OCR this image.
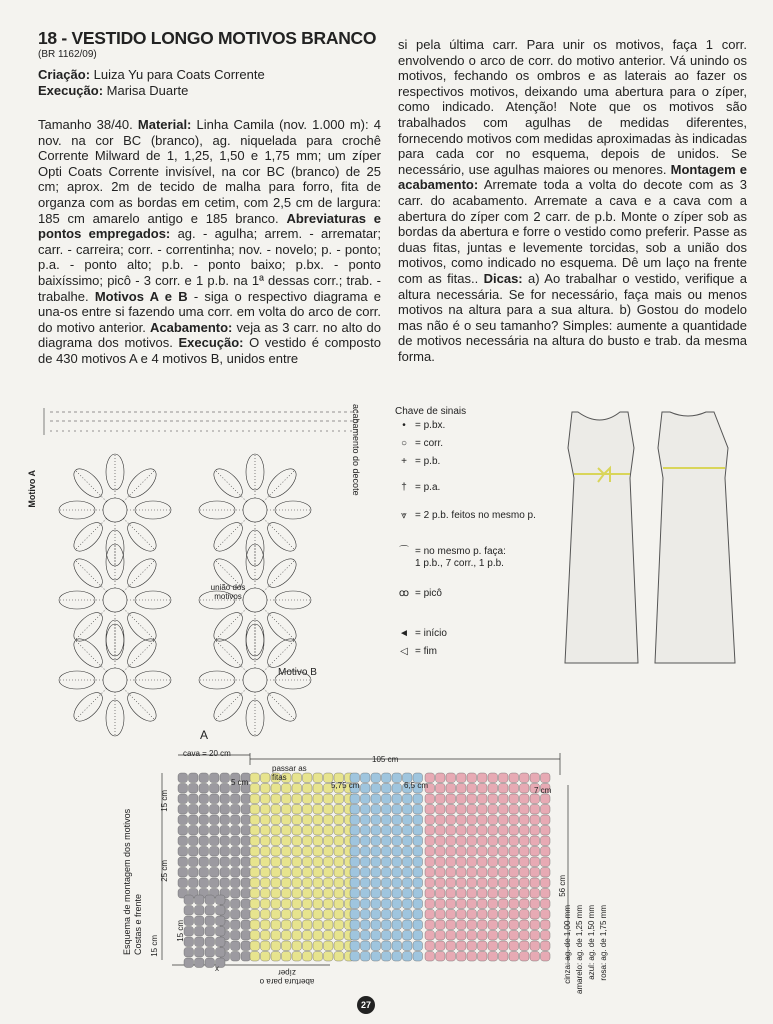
18 - VESTIDO LONGO MOTIVOS BRANCO
(BR 1162/09)
Criação: Luiza Yu para Coats Corrente
Execução: Marisa Duarte
Tamanho 38/40. Material: Linha Camila (nov. 1.000 m): 4 nov. na cor BC (branco), ag. niquelada para crochê Corrente Milward de 1, 1,25, 1,50 e 1,75 mm; um zíper Opti Coats Corrente invisível, na cor BC (branco) de 25 cm; aprox. 2m de tecido de malha para forro, fita de organza com as bordas em cetim, com 2,5 cm de largura: 185 cm amarelo antigo e 185 branco. Abreviaturas e pontos empregados: ag. - agulha; arrem. - arrematar; carr. - carreira; corr. - correntinha; nov. - novelo; p. - ponto; p.a. - ponto alto; p.b. - ponto baixo; p.bx. - ponto baixíssimo; picô - 3 corr. e 1 p.b. na 1ª dessas corr.; trab. - trabalhe. Motivos A e B - siga o respectivo diagrama e una-os entre si fazendo uma corr. em volta do arco de corr. do motivo anterior. Acabamento: veja as 3 carr. no alto do diagrama dos motivos. Execução: O vestido é composto de 430 motivos A e 4 motivos B, unidos entre
si pela última carr. Para unir os motivos, faça 1 corr. envolvendo o arco de corr. do motivo anterior. Vá unindo os motivos, fechando os ombros e as laterais ao fazer os respectivos motivos, deixando uma abertura para o zíper, como indicado. Atenção! Note que os motivos são trabalhados com agulhas de medidas diferentes, fornecendo motivos com medidas aproximadas às indicadas para cada cor no esquema, depois de unidos. Se necessário, use agulhas maiores ou menores. Montagem e acabamento: Arremate toda a volta do decote com as 3 carr. do acabamento. Arremate a cava e a cava com a abertura do zíper com 2 carr. de p.b. Monte o zíper sob as bordas da abertura e forre o vestido como preferir. Passe as duas fitas, juntas e levemente torcidas, sob a união dos motivos, como indicado no esquema. Dê um laço na frente com as fitas.. Dicas: a) Ao trabalhar o vestido, verifique a altura necessária. Se for necessário, faça mais ou menos motivos na altura para a sua altura. b) Gostou do modelo mas não é o seu tamanho? Simples: aumente a quantidade de motivos necessária na altura do busto e trab. da mesma forma.
acabamento do decote
Motivo A
união dos motivos
Motivo B
A
Chave de sinais
• = p.bx.
○ = corr.
+ = p.b.
† = p.a.
⩔ = 2 p.b. feitos no mesmo p.
⌒ = no mesmo p. faça:
1 p.b., 7 corr., 1 p.b.
ꝏ = picô
◄ = início
◁ = fim
cava = 20 cm
105 cm
passar as fitas
5 cm	5,75 cm	6,5 cm
7 cm
15 cm
25 cm
15 cm
15 cm
56 cm
Esquema de montagem dos motivos Costas e frente
abertura para o zíper
x	cinza: ag. de 1,00 mm amarelo: ag. de 1,25 mm azul: ag. de 1,50 mm rosa: ag. de 1,75 mm
27
